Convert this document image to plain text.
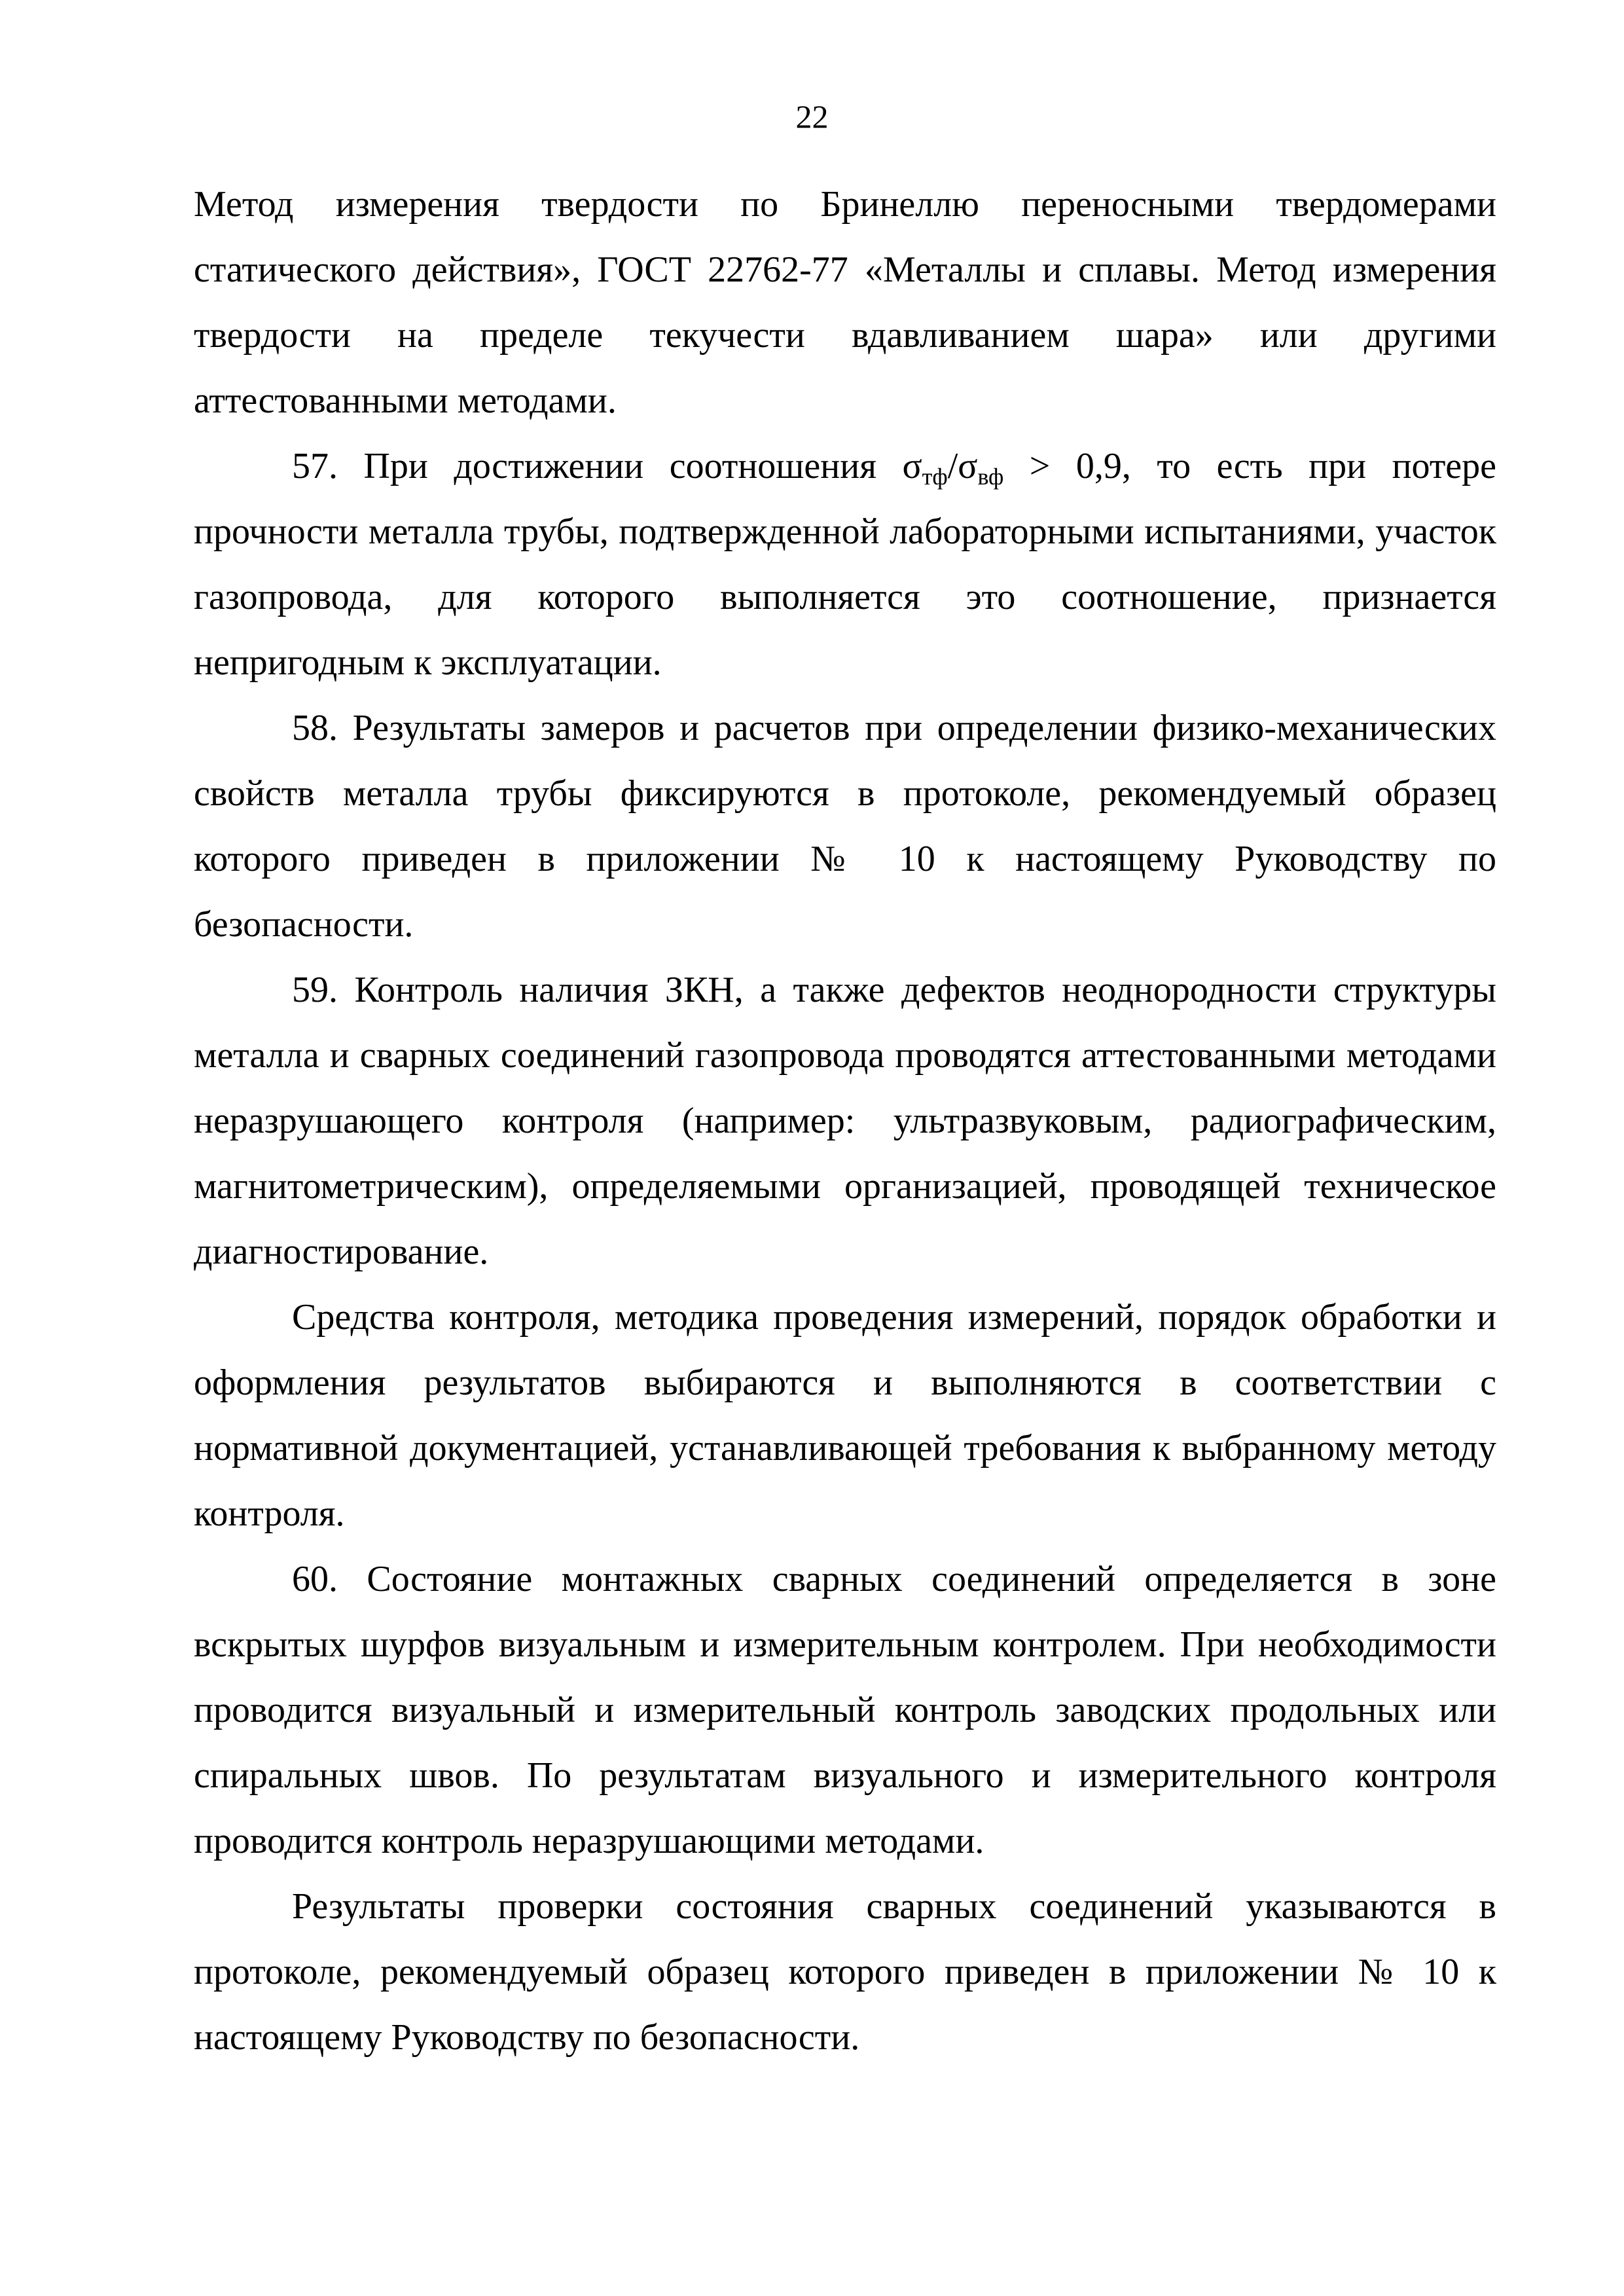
22

Метод измерения твердости по Бринеллю переносными твердомерами статического действия», ГОСТ 22762-77 «Металлы и сплавы. Метод измерения твердости на пределе текучести вдавливанием шара» или другими аттестованными методами.

57. При достижении соотношения $\sigma_{тф}/\sigma_{вф} > 0,9$, то есть при потере прочности металла трубы, подтвержденной лабораторными испытаниями, участок газопровода, для которого выполняется это соотношение, признается непригодным к эксплуатации.

58. Результаты замеров и расчетов при определении физико-механических свойств металла трубы фиксируются в протоколе, рекомендуемый образец которого приведен в приложении № 10 к настоящему Руководству по безопасности.

59. Контроль наличия ЗКН, а также дефектов неоднородности структуры металла и сварных соединений газопровода проводятся аттестованными методами неразрушающего контроля (например: ультразвуковым, радиографическим, магнитометрическим), определяемыми организацией, проводящей техническое диагностирование.

Средства контроля, методика проведения измерений, порядок обработки и оформления результатов выбираются и выполняются в соответствии с нормативной документацией, устанавливающей требования к выбранному методу контроля.

60. Состояние монтажных сварных соединений определяется в зоне вскрытых шурфов визуальным и измерительным контролем. При необходимости проводится визуальный и измерительный контроль заводских продольных или спиральных швов. По результатам визуального и измерительного контроля проводится контроль неразрушающими методами.

Результаты проверки состояния сварных соединений указываются в протоколе, рекомендуемый образец которого приведен в приложении № 10 к настоящему Руководству по безопасности.
